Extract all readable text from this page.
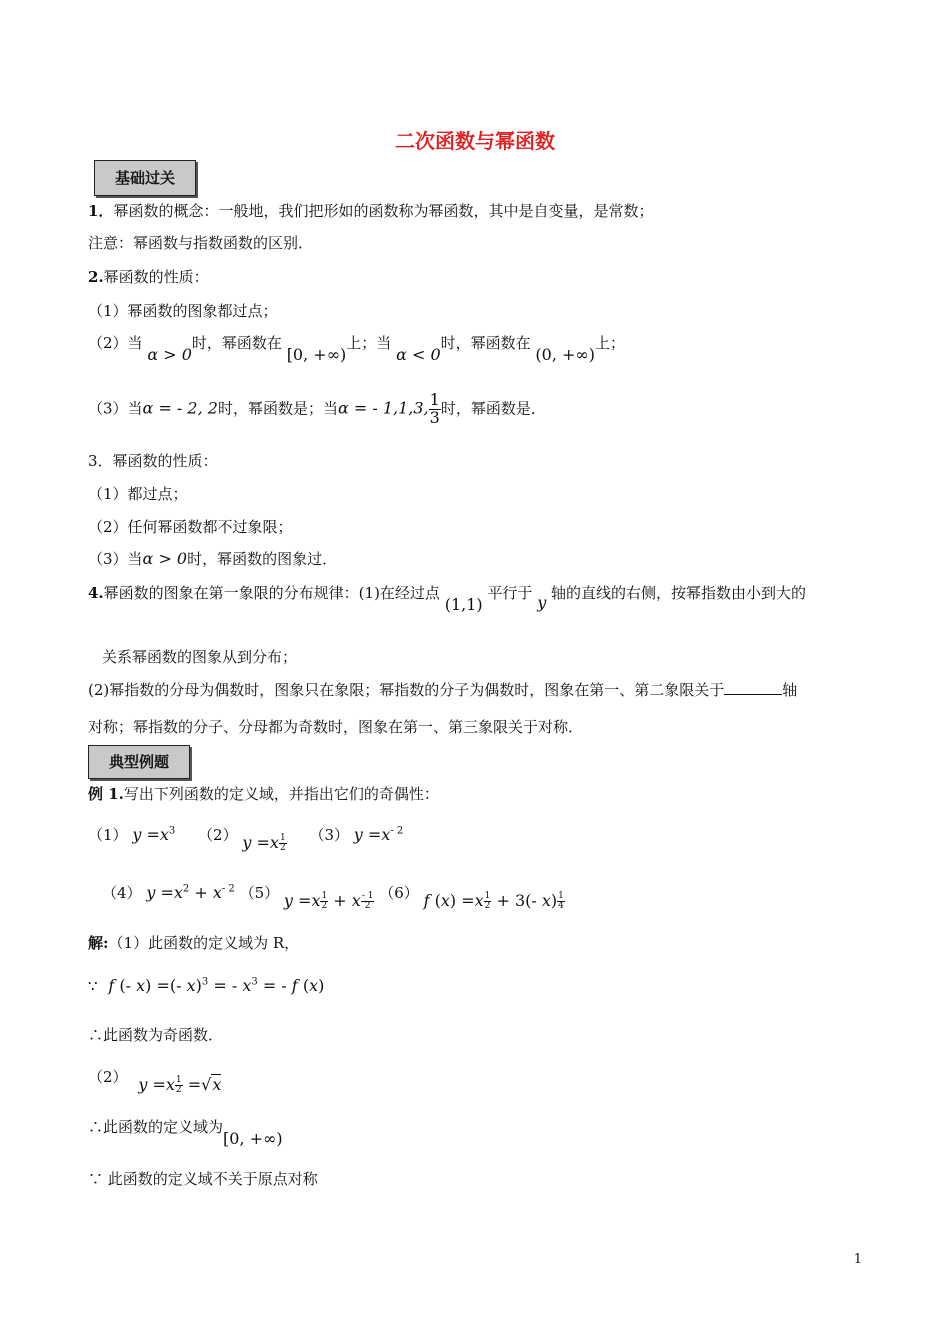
二次函数与幂函数
基础过关
1．幂函数的概念：一般地，我们把形如的函数称为幂函数，其中是自变量，是常数；
注意：幂函数与指数函数的区别．
2.幂函数的性质：
（1）幂函数的图象都过点；
（2）当 α > 0时，幂函数在 [0, +∞)上；当 α < 0时，幂函数在 (0, +∞)上；
（3）当α = - 2, 2时，幂函数是；当α = - 1,1,3, $\frac{1}{3}$ 时，幂函数是．
3．幂函数的性质：
（1）都过点；
（2）任何幂函数都不过象限；
（3）当α > 0时，幂函数的图象过．
4.幂函数的图象在第一象限的分布规律：(1)在经过点 (1,1) 平行于 y 轴的直线的右侧，按幂指数由小到大的
关系幂函数的图象从到分布；
(2)幂指数的分母为偶数时，图象只在象限；幂指数的分子为偶数时，图象在第一、第二象限关于	轴
对称；幂指数的分子、分母都为奇数时，图象在第一、第三象限关于对称．
典型例题
例 1.写出下列函数的定义域，并指出它们的奇偶性：
（1） $y =x^3$ （2） $y =x \frac{1}{2} (3)$ $y =x^{- 2}$
（4） $y =x^2 + x^{- 2}$ （5） $y =x \frac{1}{2} + x \frac{- 1}{2} (6)$ f $(x) =x \frac{1}{2} + 3(-$ $x) \frac{1}{4}$
解:（1）此函数的定义域为 R，
∵ f (- x) =(- x)$^3$ = - $x^3$ = - f (x)
∴此函数为奇函数．
（2） $y =x \frac{1}{2} =√x$
∴此函数的定义域为[0, +∞)
∵ 此函数的定义域不关于原点对称
1
